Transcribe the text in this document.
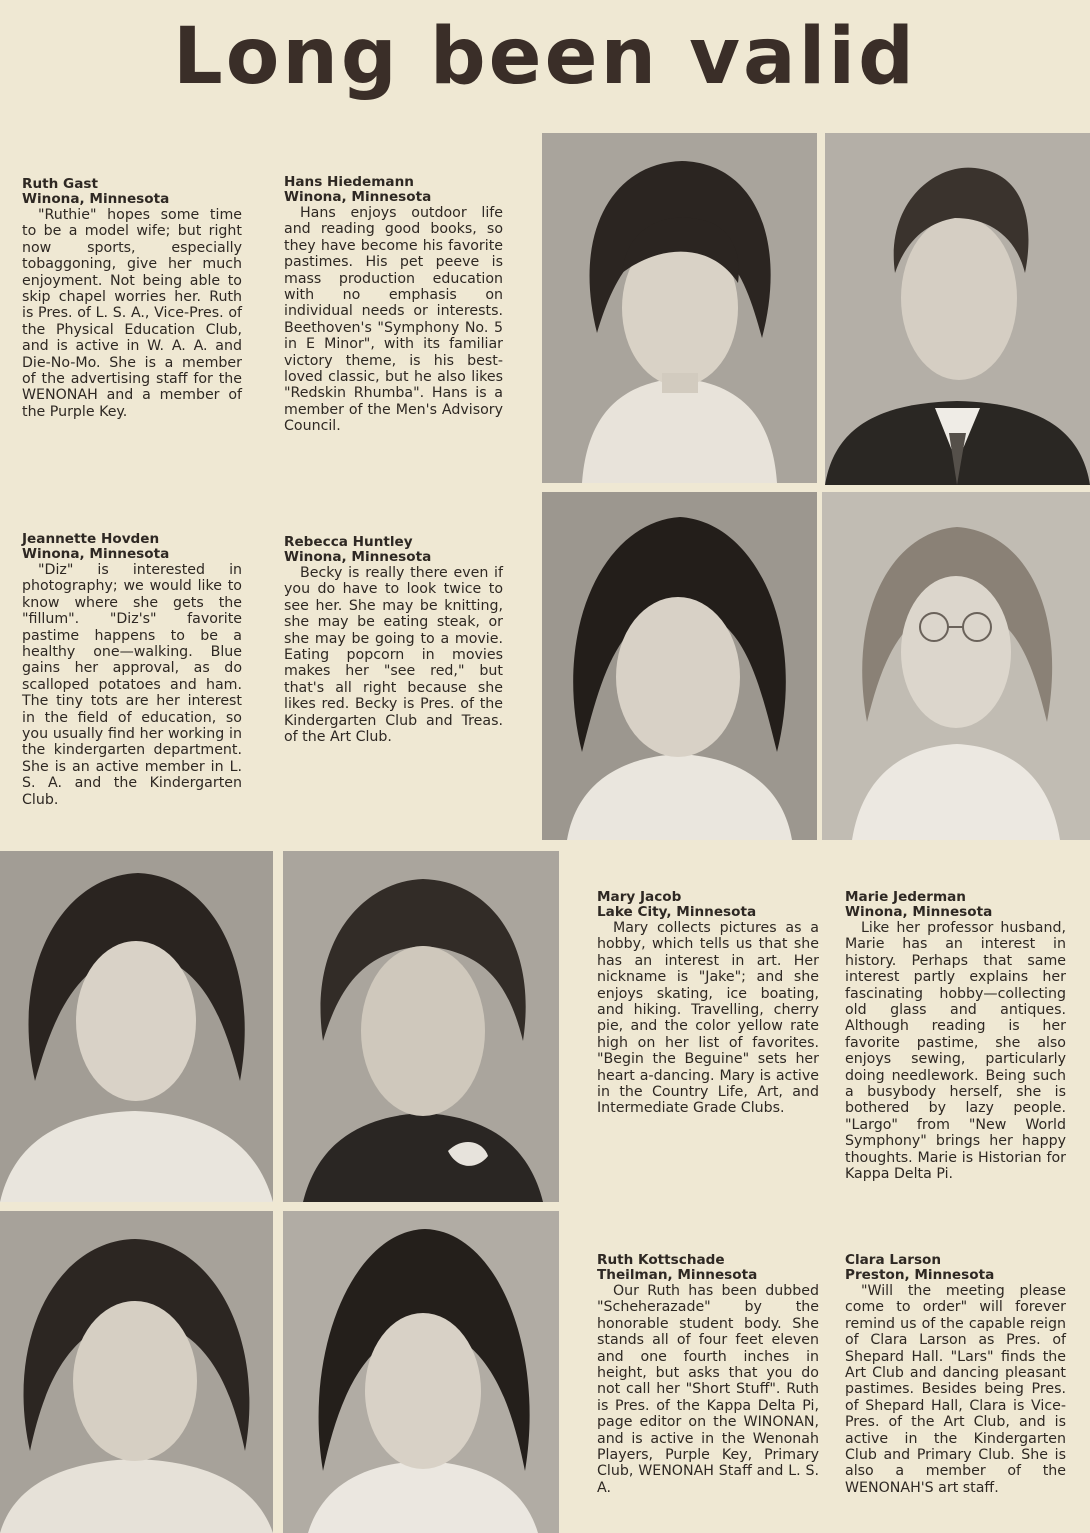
Long been valid
Ruth Gast
Winona, Minnesota
"Ruthie" hopes some time to be a model wife; but right now sports, especially tobaggoning, give her much enjoyment. Not being able to skip chapel worries her. Ruth is Pres. of L. S. A., Vice-Pres. of the Physical Education Club, and is active in W. A. A. and Die-No-Mo. She is a member of the advertising staff for the WENONAH and a member of the Purple Key.
Hans Hiedemann
Winona, Minnesota
Hans enjoys outdoor life and reading good books, so they have become his favorite pastimes. His pet peeve is mass production education with no emphasis on individual needs or interests. Beethoven's "Symphony No. 5 in E Minor", with its familiar victory theme, is his best-loved classic, but he also likes "Redskin Rhumba". Hans is a member of the Men's Advisory Council.
Jeannette Hovden
Winona, Minnesota
"Diz" is interested in photography; we would like to know where she gets the "fillum". "Diz's" favorite pastime happens to be a healthy one—walking. Blue gains her approval, as do scalloped potatoes and ham. The tiny tots are her interest in the field of education, so you usually find her working in the kindergarten department. She is an active member in L. S. A. and the Kindergarten Club.
Rebecca Huntley
Winona, Minnesota
Becky is really there even if you do have to look twice to see her. She may be knitting, she may be eating steak, or she may be going to a movie. Eating popcorn in movies makes her "see red," but that's all right because she likes red. Becky is Pres. of the Kindergarten Club and Treas. of the Art Club.
Mary Jacob
Lake City, Minnesota
Mary collects pictures as a hobby, which tells us that she has an interest in art. Her nickname is "Jake"; and she enjoys skating, ice boating, and hiking. Travelling, cherry pie, and the color yellow rate high on her list of favorites. "Begin the Beguine" sets her heart a-dancing. Mary is active in the Country Life, Art, and Intermediate Grade Clubs.
Marie Jederman
Winona, Minnesota
Like her professor husband, Marie has an interest in history. Perhaps that same interest partly explains her fascinating hobby—collecting old glass and antiques. Although reading is her favorite pastime, she also enjoys sewing, particularly doing needlework. Being such a busybody herself, she is bothered by lazy people. "Largo" from "New World Symphony" brings her happy thoughts. Marie is Historian for Kappa Delta Pi.
Ruth Kottschade
Theilman, Minnesota
Our Ruth has been dubbed "Scheherazade" by the honorable student body. She stands all of four feet eleven and one fourth inches in height, but asks that you do not call her "Short Stuff". Ruth is Pres. of the Kappa Delta Pi, page editor on the WINONAN, and is active in the Wenonah Players, Purple Key, Primary Club, WENONAH Staff and L. S. A.
Clara Larson
Preston, Minnesota
"Will the meeting please come to order" will forever remind us of the capable reign of Clara Larson as Pres. of Shepard Hall. "Lars" finds the Art Club and dancing pleasant pastimes. Besides being Pres. of Shepard Hall, Clara is Vice-Pres. of the Art Club, and is active in the Kindergarten Club and Primary Club. She is also a member of the WENONAH'S art staff.
